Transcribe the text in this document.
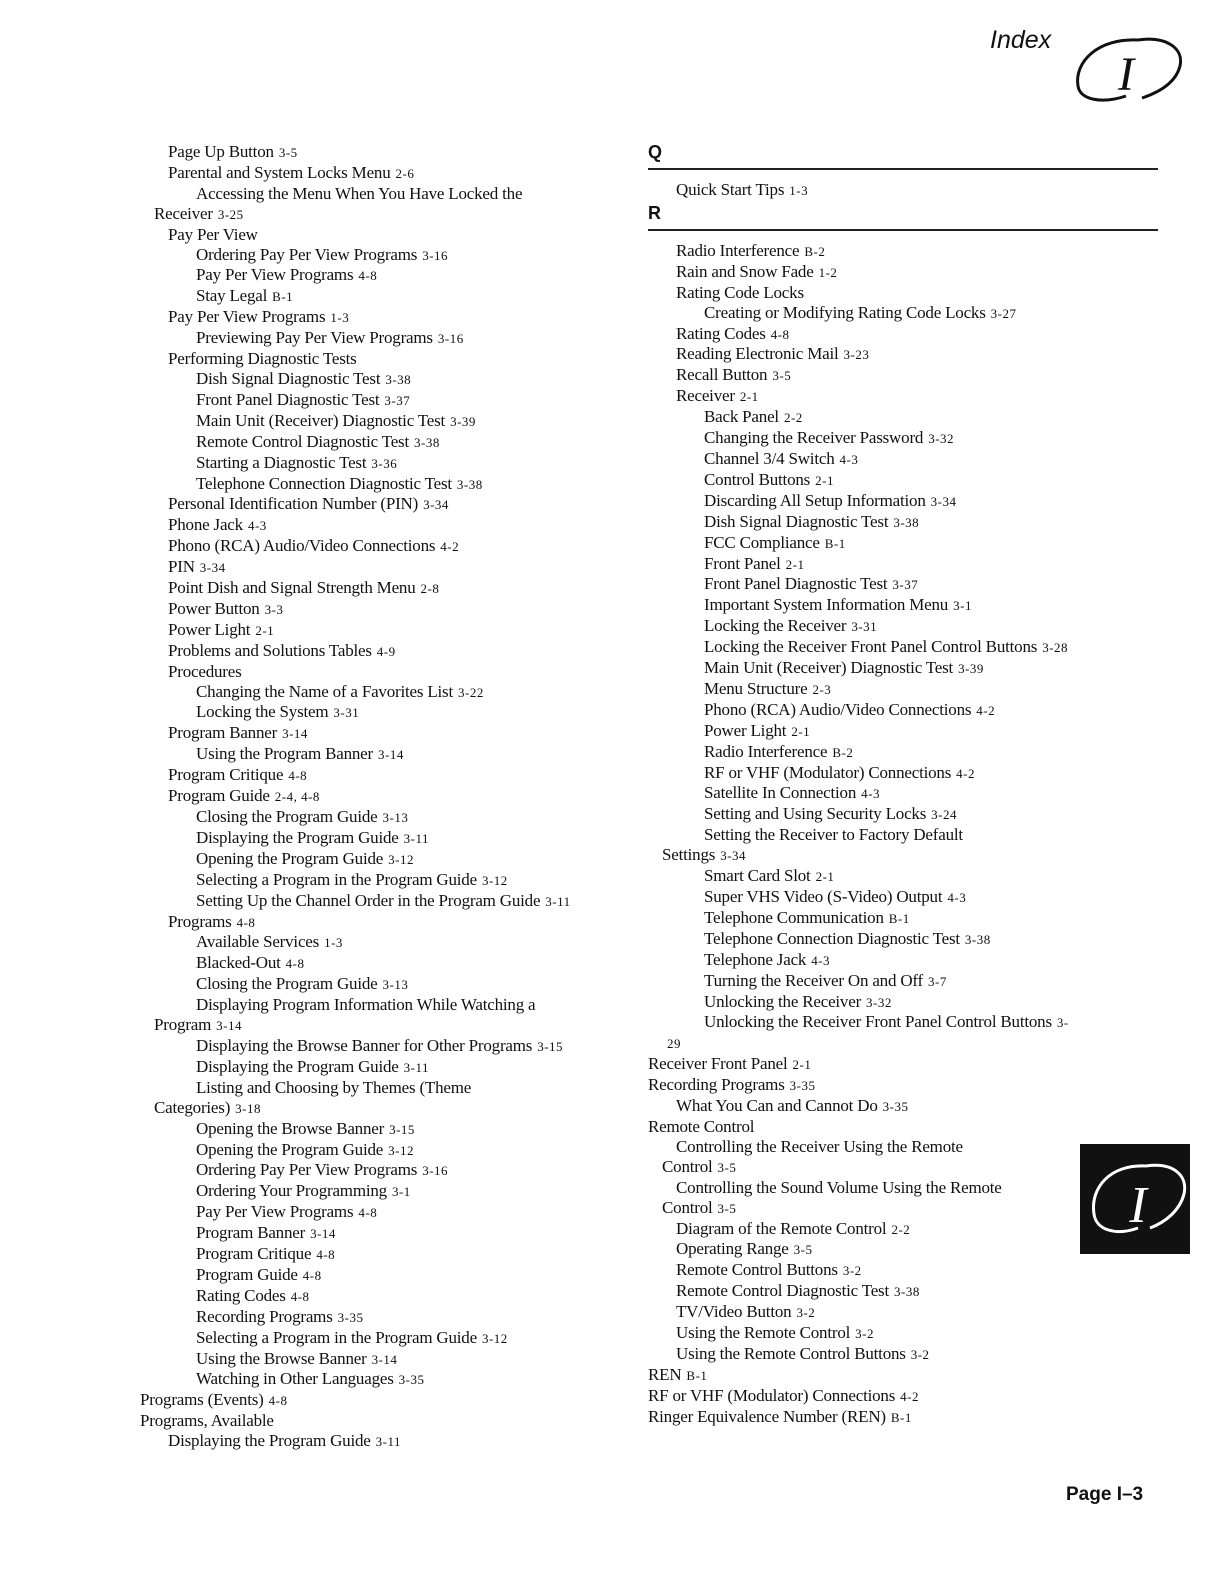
Index
I
Page Up Button 3-5
Parental and System Locks Menu 2-6
Accessing the Menu When You Have Locked the
Receiver 3-25
Pay Per View
Ordering Pay Per View Programs 3-16
Pay Per View Programs 4-8
Stay Legal B-1
Pay Per View Programs 1-3
Previewing Pay Per View Programs 3-16
Performing Diagnostic Tests
Dish Signal Diagnostic Test 3-38
Front Panel Diagnostic Test 3-37
Main Unit (Receiver) Diagnostic Test 3-39
Remote Control Diagnostic Test 3-38
Starting a Diagnostic Test 3-36
Telephone Connection Diagnostic Test 3-38
Personal Identification Number (PIN) 3-34
Phone Jack 4-3
Phono (RCA) Audio/Video Connections 4-2
PIN 3-34
Point Dish and Signal Strength Menu 2-8
Power Button 3-3
Power Light 2-1
Problems and Solutions Tables 4-9
Procedures
Changing the Name of a Favorites List 3-22
Locking the System 3-31
Program Banner 3-14
Using the Program Banner 3-14
Program Critique 4-8
Program Guide 2-4, 4-8
Closing the Program Guide 3-13
Displaying the Program Guide 3-11
Opening the Program Guide 3-12
Selecting a Program in the Program Guide 3-12
Setting Up the Channel Order in the Program Guide 3-11
Programs 4-8
Available Services 1-3
Blacked-Out 4-8
Closing the Program Guide 3-13
Displaying Program Information While Watching a
Program 3-14
Displaying the Browse Banner for Other Programs 3-15
Displaying the Program Guide 3-11
Listing and Choosing by Themes (Theme
Categories) 3-18
Opening the Browse Banner 3-15
Opening the Program Guide 3-12
Ordering Pay Per View Programs 3-16
Ordering Your Programming 3-1
Pay Per View Programs 4-8
Program Banner 3-14
Program Critique 4-8
Program Guide 4-8
Rating Codes 4-8
Recording Programs 3-35
Selecting a Program in the Program Guide 3-12
Using the Browse Banner 3-14
Watching in Other Languages 3-35
Programs (Events) 4-8
Programs, Available
Displaying the Program Guide 3-11
Q
Quick Start Tips 1-3
R
Radio Interference B-2
Rain and Snow Fade 1-2
Rating Code Locks
Creating or Modifying Rating Code Locks 3-27
Rating Codes 4-8
Reading Electronic Mail 3-23
Recall Button 3-5
Receiver 2-1
Back Panel 2-2
Changing the Receiver Password 3-32
Channel 3/4 Switch 4-3
Control Buttons 2-1
Discarding All Setup Information 3-34
Dish Signal Diagnostic Test 3-38
FCC Compliance B-1
Front Panel 2-1
Front Panel Diagnostic Test 3-37
Important System Information Menu 3-1
Locking the Receiver 3-31
Locking the Receiver Front Panel Control Buttons 3-28
Main Unit (Receiver) Diagnostic Test 3-39
Menu Structure 2-3
Phono (RCA) Audio/Video Connections 4-2
Power Light 2-1
Radio Interference B-2
RF or VHF (Modulator) Connections 4-2
Satellite In Connection 4-3
Setting and Using Security Locks 3-24
Setting the Receiver to Factory Default
Settings 3-34
Smart Card Slot 2-1
Super VHS Video (S-Video) Output 4-3
Telephone Communication B-1
Telephone Connection Diagnostic Test 3-38
Telephone Jack 4-3
Turning the Receiver On and Off 3-7
Unlocking the Receiver 3-32
Unlocking the Receiver Front Panel Control Buttons 3-
29
Receiver Front Panel 2-1
Recording Programs 3-35
What You Can and Cannot Do 3-35
Remote Control
Controlling the Receiver Using the Remote
Control 3-5
Controlling the Sound Volume Using the Remote
Control 3-5
Diagram of the Remote Control 2-2
Operating Range 3-5
Remote Control Buttons 3-2
Remote Control Diagnostic Test 3-38
TV/Video Button 3-2
Using the Remote Control 3-2
Using the Remote Control Buttons 3-2
REN B-1
RF or VHF (Modulator) Connections 4-2
Ringer Equivalence Number (REN) B-1
I
Page I–3
